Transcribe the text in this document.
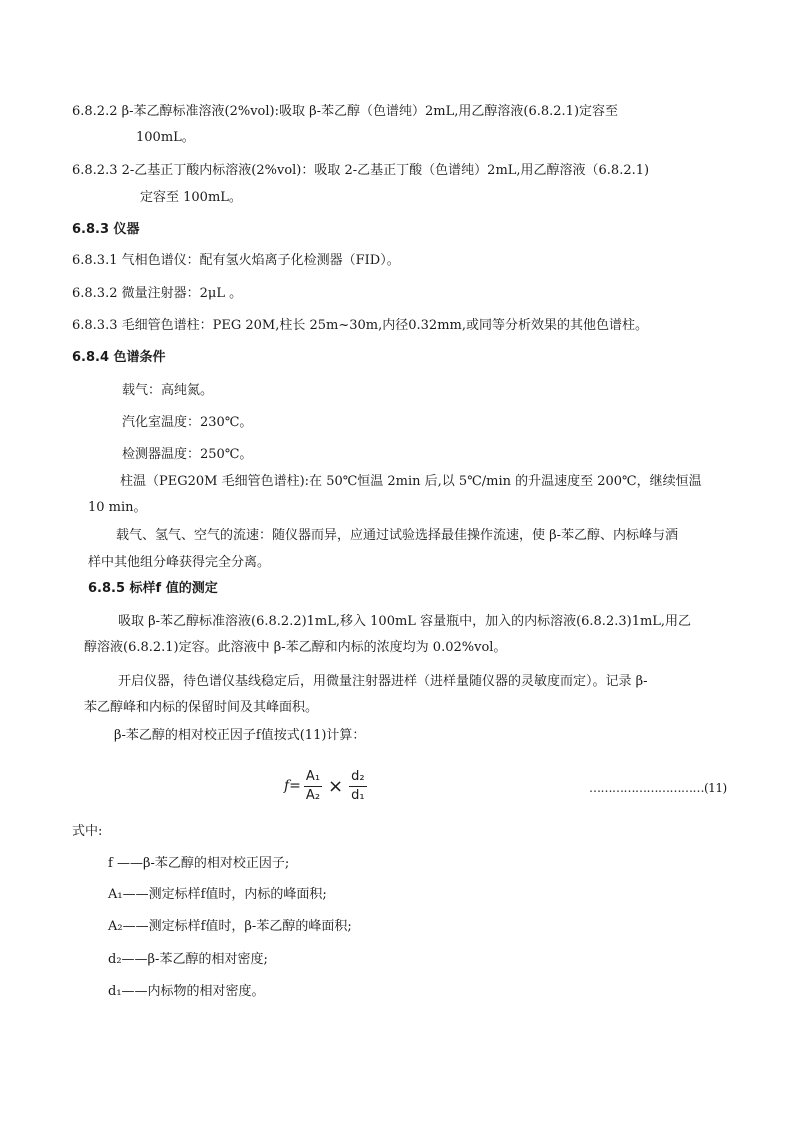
6.8.2.2 β-苯乙醇标准溶液(2%vol):吸取 β-苯乙醇（色谱纯）2mL,用乙醇溶液(6.8.2.1)定容至
100mL。
6.8.2.3 2-乙基正丁酸内标溶液(2%vol)：吸取 2-乙基正丁酸（色谱纯）2mL,用乙醇溶液（6.8.2.1)
定容至 100mL。
6.8.3 仪器
6.8.3.1 气相色谱仪：配有氢火焰离子化检测器（FID）。
6.8.3.2 微量注射器：2μL 。
6.8.3.3 毛细管色谱柱：PEG 20M,柱长 25m~30m,内径0.32mm,或同等分析效果的其他色谱柱。
6.8.4 色谱条件
载气：高纯氮。
汽化室温度：230℃。
检测器温度：250℃。
柱温（PEG20M 毛细管色谱柱):在 50℃恒温 2min 后,以 5℃/min 的升温速度至 200℃，继续恒温
10 min。
载气、氢气、空气的流速：随仪器而异，应通过试验选择最佳操作流速，使 β-苯乙醇、内标峰与酒
样中其他组分峰获得完全分离。
6.8.5 标样f 值的测定
吸取 β-苯乙醇标准溶液(6.8.2.2)1mL,移入 100mL 容量瓶中，加入的内标溶液(6.8.2.3)1mL,用乙
醇溶液(6.8.2.1)定容。此溶液中 β-苯乙醇和内标的浓度均为 0.02%vol。
开启仪器，待色谱仪基线稳定后，用微量注射器进样（进样量随仪器的灵敏度而定）。记录 β-
苯乙醇峰和内标的保留时间及其峰面积。
β-苯乙醇的相对校正因子f值按式(11)计算：
$f= \frac{\text{A₁}}{\text{A₂}} \times \frac{\text{d₂}}{\text{d₁}}$	…………………………(11)
式中:
f ——β-苯乙醇的相对校正因子;
A₁——测定标样f值时，内标的峰面积;
A₂——测定标样f值时，β-苯乙醇的峰面积;
d₂——β-苯乙醇的相对密度;
d₁——内标物的相对密度。
